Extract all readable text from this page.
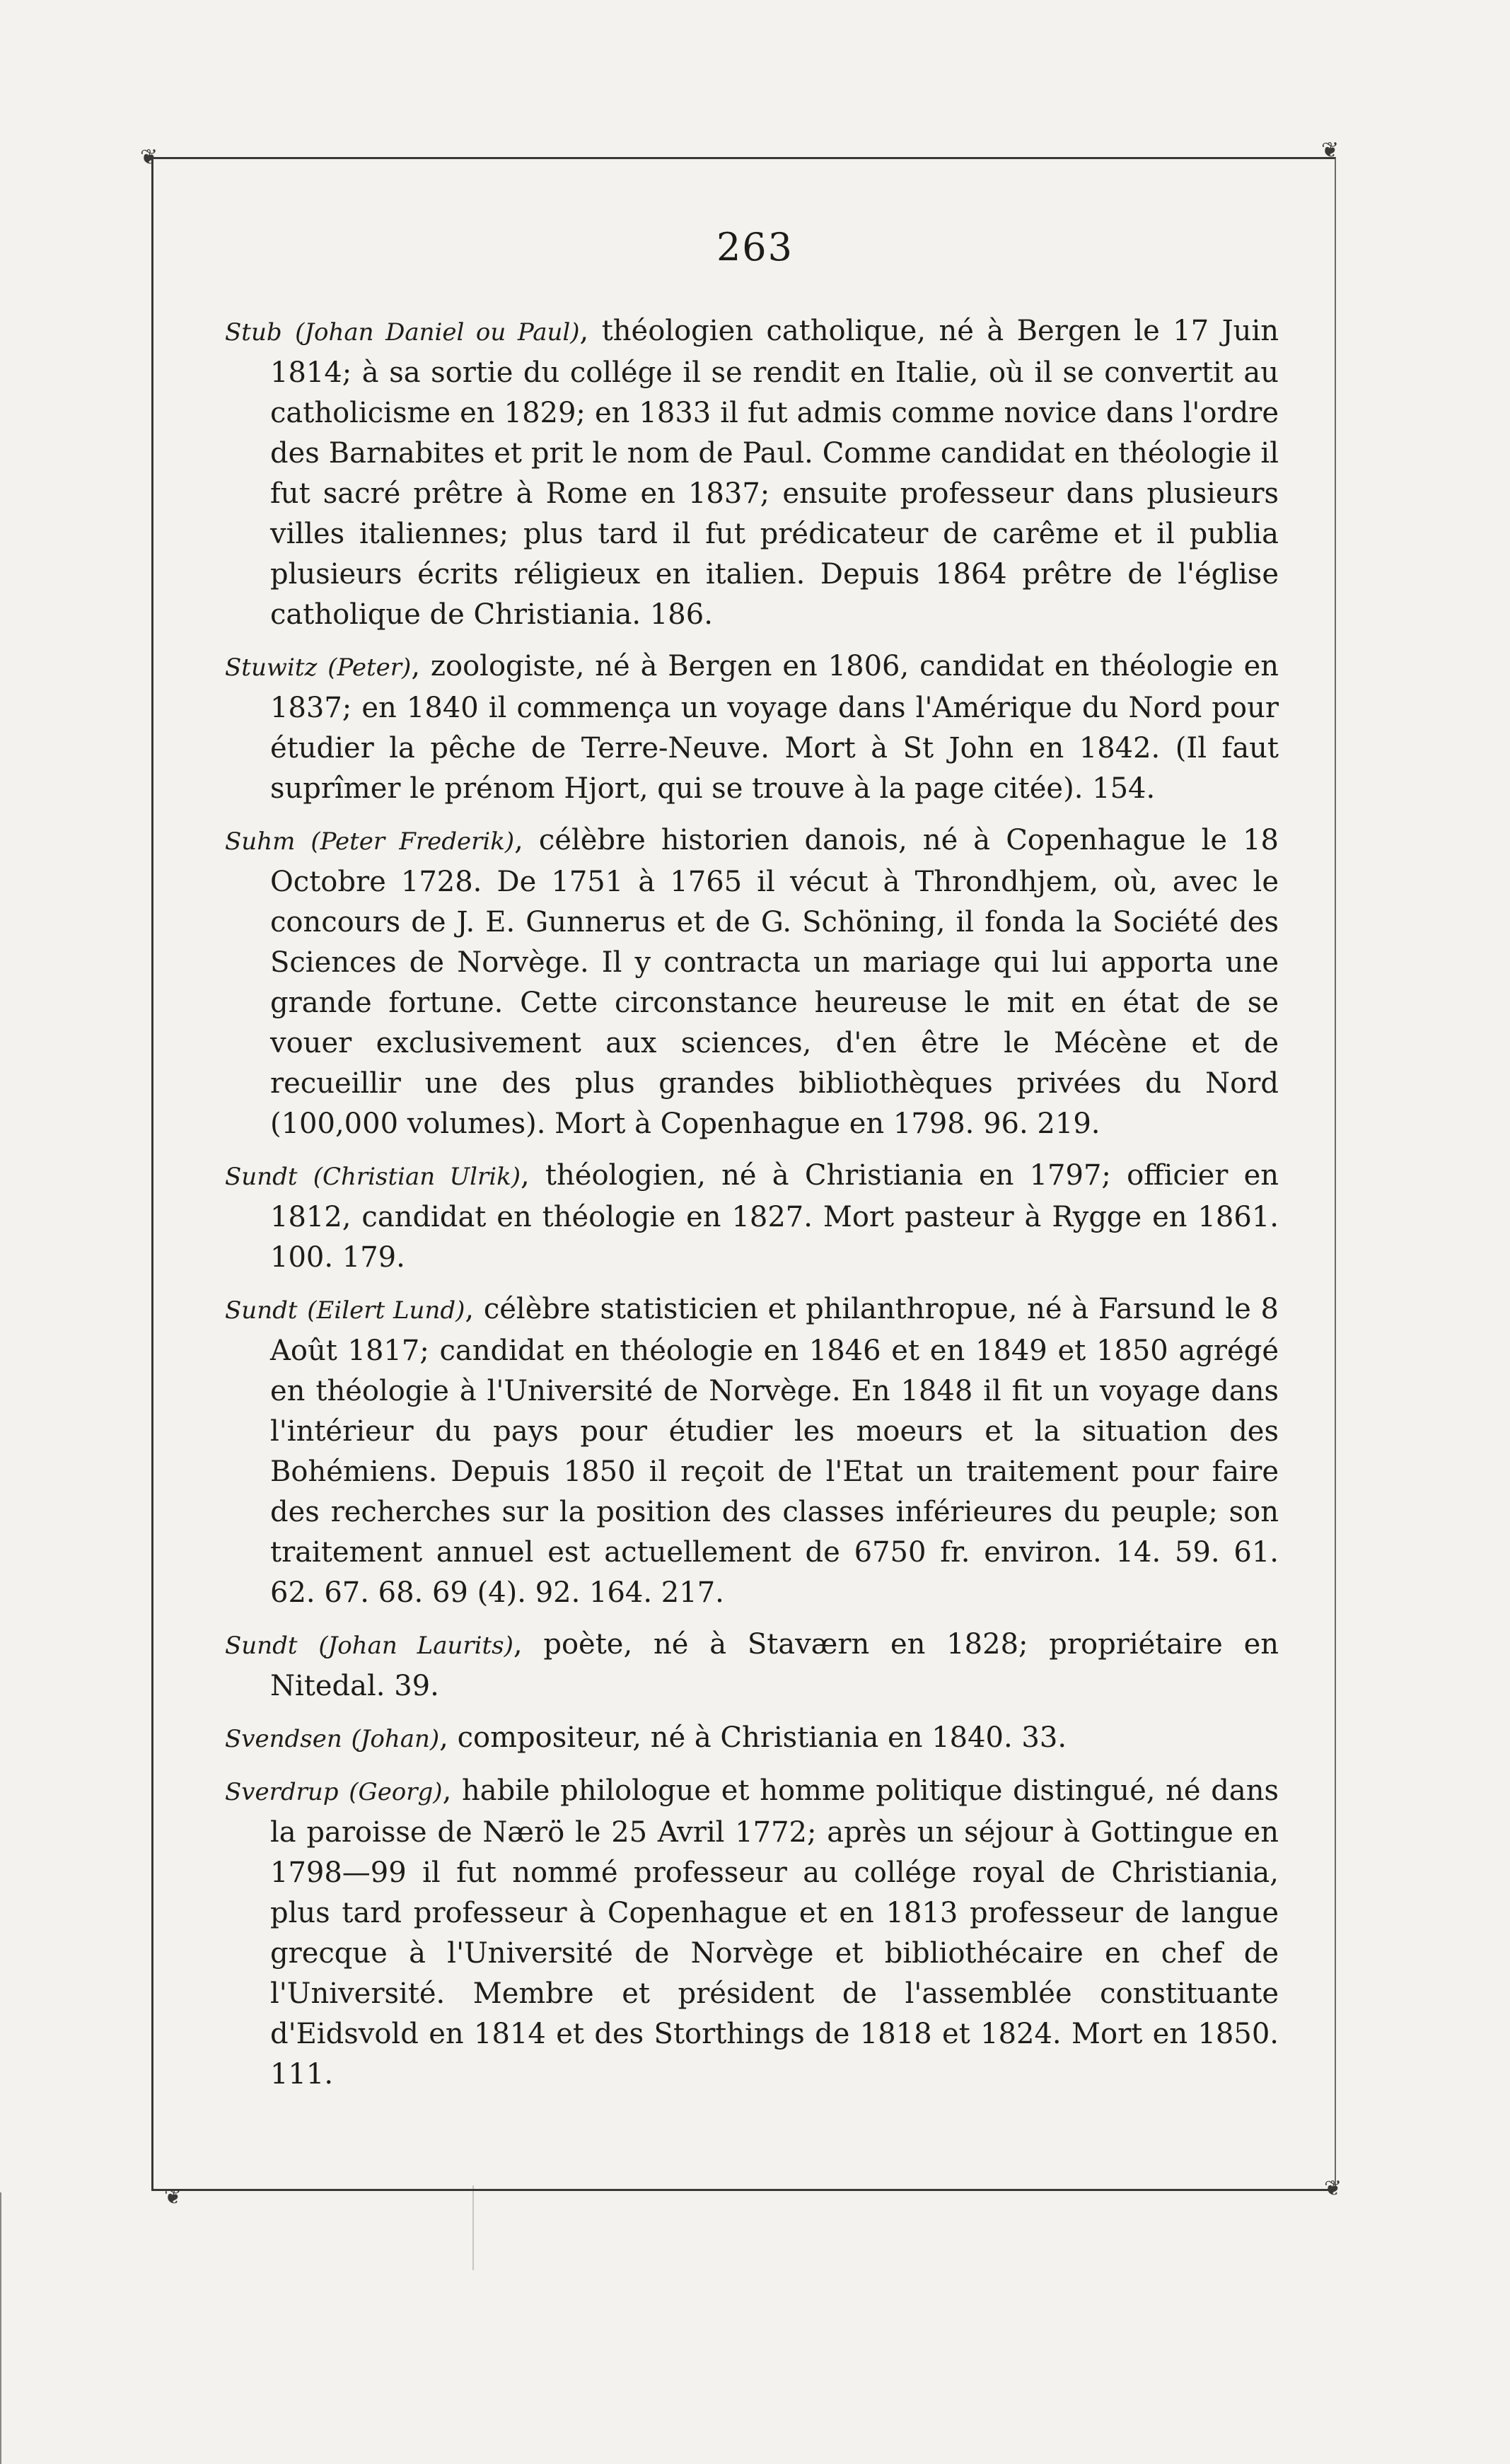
❦	❦
❦	❦
263

Stub (Johan Daniel ou Paul), théologien catholique, né à Bergen le 17 Juin 1814; à sa sortie du collége il se rendit en Italie, où il se convertit au catholicisme en 1829; en 1833 il fut admis comme novice dans l'ordre des Barnabites et prit le nom de Paul. Comme candidat en théologie il fut sacré prêtre à Rome en 1837; ensuite professeur dans plusieurs villes italiennes; plus tard il fut prédicateur de carême et il publia plusieurs écrits réligieux en italien. Depuis 1864 prêtre de l'église catholique de Christiania. 186.

Stuwitz (Peter), zoologiste, né à Bergen en 1806, candidat en théologie en 1837; en 1840 il commença un voyage dans l'Amérique du Nord pour étudier la pêche de Terre-Neuve. Mort à St John en 1842. (Il faut suprîmer le prénom Hjort, qui se trouve à la page citée). 154.

Suhm (Peter Frederik), célèbre historien danois, né à Copenhague le 18 Octobre 1728. De 1751 à 1765 il vécut à Throndhjem, où, avec le concours de J. E. Gunnerus et de G. Schöning, il fonda la Société des Sciences de Norvège. Il y contracta un mariage qui lui apporta une grande fortune. Cette circonstance heureuse le mit en état de se vouer exclusivement aux sciences, d'en être le Mécène et de recueillir une des plus grandes bibliothèques privées du Nord (100,000 volumes). Mort à Copenhague en 1798. 96. 219.

Sundt (Christian Ulrik), théologien, né à Christiania en 1797; officier en 1812, candidat en théologie en 1827. Mort pasteur à Rygge en 1861. 100. 179.

Sundt (Eilert Lund), célèbre statisticien et philanthropue, né à Farsund le 8 Août 1817; candidat en théologie en 1846 et en 1849 et 1850 agrégé en théologie à l'Université de Norvège. En 1848 il fit un voyage dans l'intérieur du pays pour étudier les moeurs et la situation des Bohémiens. Depuis 1850 il reçoit de l'Etat un traitement pour faire des recherches sur la position des classes inférieures du peuple; son traitement annuel est actuellement de 6750 fr. environ. 14. 59. 61. 62. 67. 68. 69 (4). 92. 164. 217.

Sundt (Johan Laurits), poète, né à Staværn en 1828; propriétaire en Nitedal. 39.

Svendsen (Johan), compositeur, né à Christiania en 1840. 33.

Sverdrup (Georg), habile philologue et homme politique distingué, né dans la paroisse de Nærö le 25 Avril 1772; après un séjour à Gottingue en 1798—99 il fut nommé professeur au collége royal de Christiania, plus tard professeur à Copenhague et en 1813 professeur de langue grecque à l'Université de Norvège et bibliothécaire en chef de l'Université. Membre et président de l'assemblée constituante d'Eidsvold en 1814 et des Storthings de 1818 et 1824. Mort en 1850. 111.
